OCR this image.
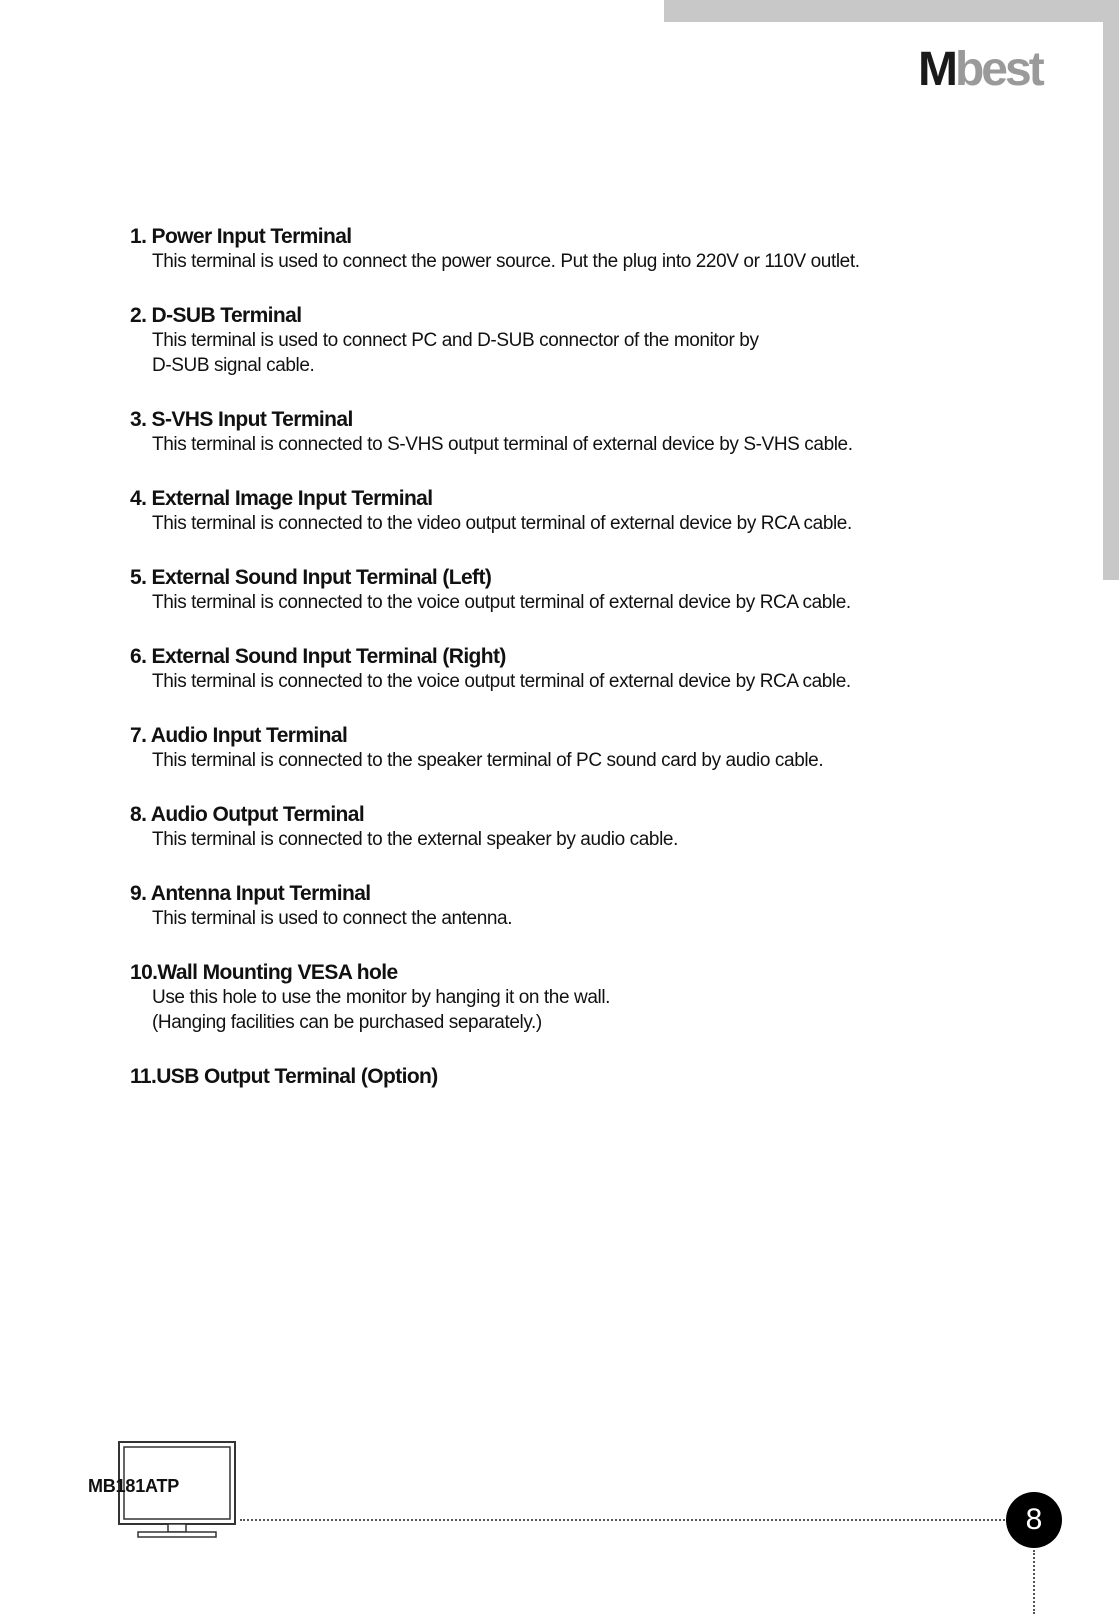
Mbest
1. Power Input Terminal
This terminal is used to connect the power source. Put the plug into 220V or 110V outlet.
2. D-SUB Terminal
This terminal is used to connect PC and D-SUB connector of the monitor by
D-SUB signal cable.
3. S-VHS Input Terminal
This terminal is connected to S-VHS output terminal of external device by S-VHS cable.
4. External Image Input Terminal
This terminal is connected to the video output terminal of external device by RCA cable.
5. External Sound Input Terminal (Left)
This terminal is connected to the voice output terminal of external device by RCA cable.
6. External Sound Input Terminal (Right)
This terminal is connected to the voice output terminal of external device by RCA cable.
7. Audio Input Terminal
This terminal is connected to the speaker terminal of PC sound card by audio cable.
8. Audio Output Terminal
This terminal is connected to the external speaker by audio cable.
9. Antenna Input Terminal
This terminal is used to connect the antenna.
10.Wall Mounting VESA hole
Use this hole to use the monitor by hanging it on the wall.
(Hanging facilities can be purchased separately.)
11.USB Output Terminal (Option)
MB181ATP
8
